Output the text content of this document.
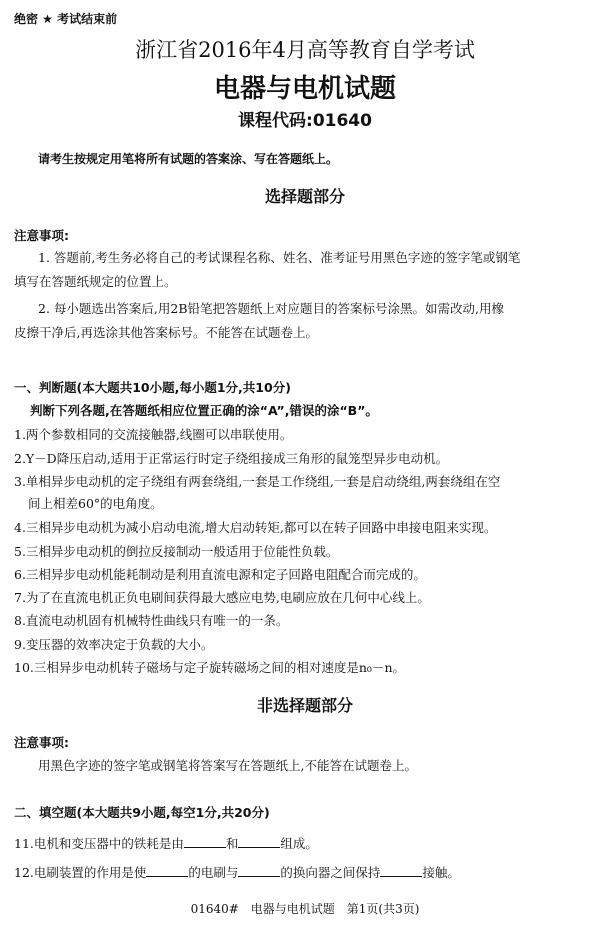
绝密 ★ 考试结束前
浙江省2016年4月高等教育自学考试
电器与电机试题
课程代码:01640
请考生按规定用笔将所有试题的答案涂、写在答题纸上。
选择题部分
注意事项:
1. 答题前,考生务必将自己的考试课程名称、姓名、准考证号用黑色字迹的签字笔或钢笔
填写在答题纸规定的位置上。
2. 每小题选出答案后,用2B铅笔把答题纸上对应题目的答案标号涂黑。如需改动,用橡
皮擦干净后,再选涂其他答案标号。不能答在试题卷上。
一、判断题(本大题共10小题,每小题1分,共10分)
判断下列各题,在答题纸相应位置正确的涂“A”,错误的涂“B”。
1.两个参数相同的交流接触器,线圈可以串联使用。
2.Y－D降压启动,适用于正常运行时定子绕组接成三角形的鼠笼型异步电动机。
3.单相异步电动机的定子绕组有两套绕组,一套是工作绕组,一套是启动绕组,两套绕组在空
间上相差60°的电角度。
4.三相异步电动机为减小启动电流,增大启动转矩,都可以在转子回路中串接电阻来实现。
5.三相异步电动机的倒拉反接制动一般适用于位能性负载。
6.三相异步电动机能耗制动是利用直流电源和定子回路电阻配合而完成的。
7.为了在直流电机正负电刷间获得最大感应电势,电刷应放在几何中心线上。
8.直流电动机固有机械特性曲线只有唯一的一条。
9.变压器的效率决定于负载的大小。
10.三相异步电动机转子磁场与定子旋转磁场之间的相对速度是n₀－n。
非选择题部分
注意事项:
用黑色字迹的签字笔或钢笔将答案写在答题纸上,不能答在试题卷上。
二、填空题(本大题共9小题,每空1分,共20分)
11.电机和变压器中的铁耗是由	和	组成。
12.电刷装置的作用是使	的电刷与	的换向器之间保持	接触。
01640#　电器与电机试题　第1页(共3页)
